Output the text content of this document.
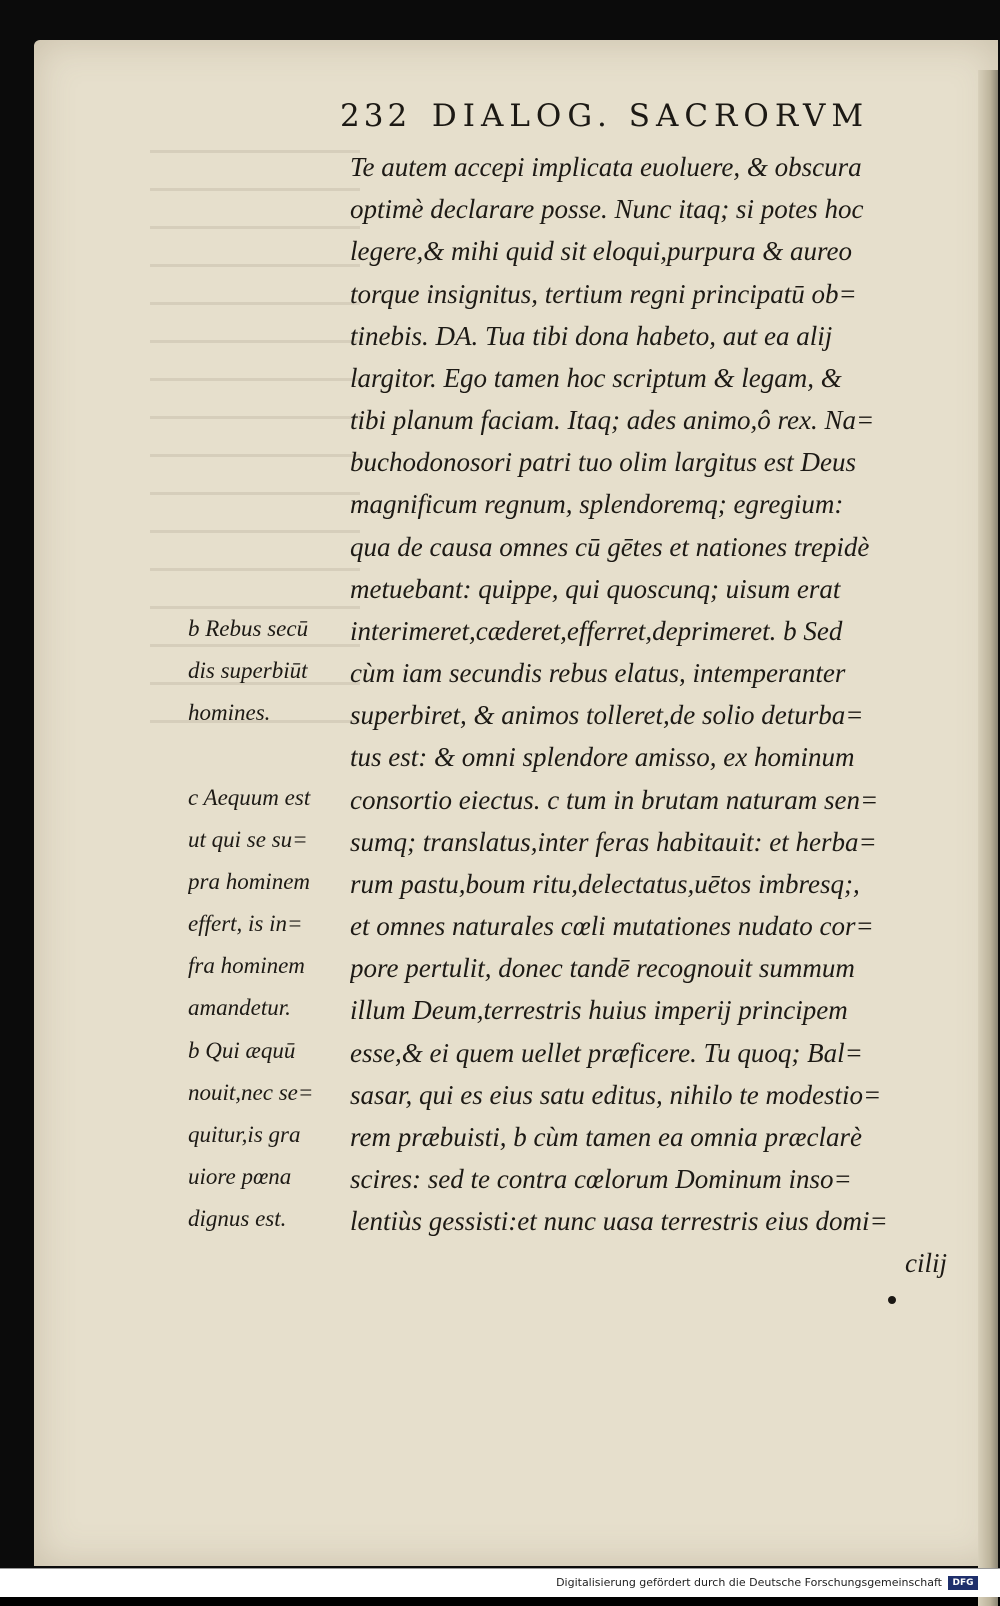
232 DIALOG. SACRORVM
Te autem accepi implicata euoluere, & obscura
optimè declarare posse. Nunc itaq; si potes hoc
legere,& mihi quid sit eloqui,purpura & aureo
torque insignitus, tertium regni principatū ob=
tinebis. DA. Tua tibi dona habeto, aut ea alij
largitor. Ego tamen hoc scriptum & legam, &
tibi planum faciam. Itaq; ades animo,ô rex. Na=
buchodonosori patri tuo olim largitus est Deus
magnificum regnum, splendoremq; egregium:
qua de causa omnes cū gētes et nationes trepidè
metuebant: quippe, qui quoscunq; uisum erat
interimeret,cæderet,efferret,deprimeret. b Sed
cùm iam secundis rebus elatus, intemperanter
superbiret, & animos tolleret,de solio deturba=
tus est: & omni splendore amisso, ex hominum
consortio eiectus. c tum in brutam naturam sen=
sumq; translatus,inter feras habitauit: et herba=
rum pastu,boum ritu,delectatus,uētos imbresq;,
et omnes naturales cœli mutationes nudato cor=
pore pertulit, donec tandē recognouit summum
illum Deum,terrestris huius imperij principem
esse,& ei quem uellet præficere. Tu quoq; Bal=
sasar, qui es eius satu editus, nihilo te modestio=
rem præbuisti, b cùm tamen ea omnia præclarè
scires: sed te contra cœlorum Dominum inso=
lentiùs gessisti:et nunc uasa terrestris eius domi=
cilij
b Rebus secū
dis superbiūt
homines.
c Aequum est
ut qui se su=
pra hominem
effert, is in=
fra hominem
amandetur.
b Qui æquū
nouit,nec se=
quitur,is gra
uiore pœna
dignus est.
Digitalisierung gefördert durch die Deutsche Forschungsgemeinschaft	DFG
